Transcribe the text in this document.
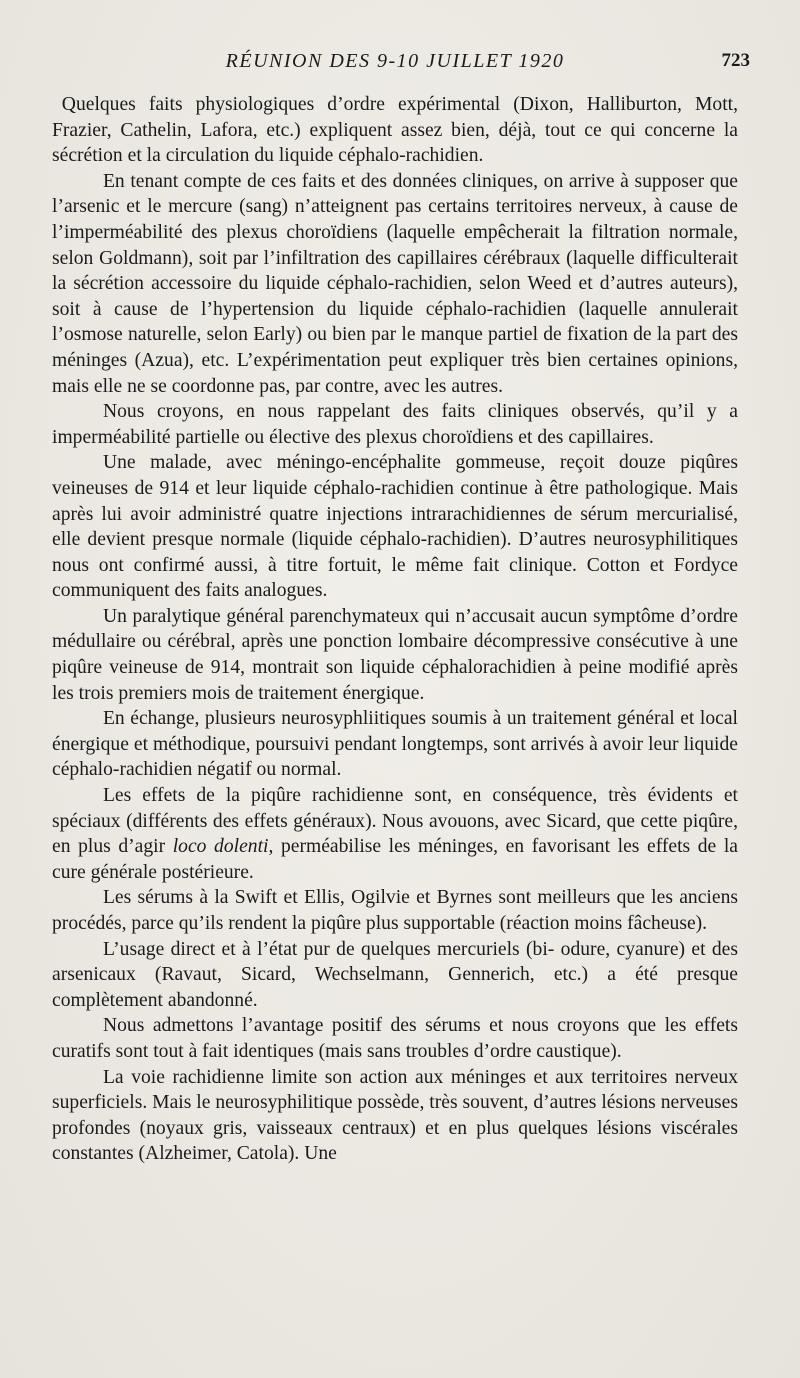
RÉUNION DES 9-10 JUILLET 1920	723

Quelques faits physiologiques d’ordre expérimental (Dixon, Halliburton, Mott, Frazier, Cathelin, Lafora, etc.) expliquent assez bien, déjà, tout ce qui concerne la sécrétion et la circulation du liquide céphalo-rachidien.

En tenant compte de ces faits et des données cliniques, on arrive à supposer que l’arsenic et le mercure (sang) n’atteignent pas certains territoires nerveux, à cause de l’imperméabilité des plexus choroïdiens (laquelle empêcherait la filtration normale, selon Goldmann), soit par l’infiltration des capillaires cérébraux (laquelle difficulterait la sécrétion accessoire du liquide céphalo-rachidien, selon Weed et d’autres auteurs), soit à cause de l’hypertension du liquide céphalo-rachidien (laquelle annulerait l’osmose naturelle, selon Early) ou bien par le manque partiel de fixation de la part des méninges (Azua), etc. L’expérimentation peut expliquer très bien certaines opinions, mais elle ne se coordonne pas, par contre, avec les autres.

Nous croyons, en nous rappelant des faits cliniques observés, qu’il y a imperméabilité partielle ou élective des plexus choroïdiens et des capillaires.

Une malade, avec méningo-encéphalite gommeuse, reçoit douze piqûres veineuses de 914 et leur liquide céphalo-rachidien continue à être pathologique. Mais après lui avoir administré quatre injections intrarachidiennes de sérum mercurialisé, elle devient presque normale (liquide céphalo-rachidien). D’autres neurosyphilitiques nous ont confirmé aussi, à titre fortuit, le même fait clinique. Cotton et Fordyce communiquent des faits analogues.

Un paralytique général parenchymateux qui n’accusait aucun symptôme d’ordre médullaire ou cérébral, après une ponction lombaire décompressive consécutive à une piqûre veineuse de 914, montrait son liquide céphalorachidien à peine modifié après les trois premiers mois de traitement énergique.

En échange, plusieurs neurosyphliitiques soumis à un traitement général et local énergique et méthodique, poursuivi pendant longtemps, sont arrivés à avoir leur liquide céphalo-rachidien négatif ou normal.

Les effets de la piqûre rachidienne sont, en conséquence, très évidents et spéciaux (différents des effets généraux). Nous avouons, avec Sicard, que cette piqûre, en plus d’agir loco dolenti, perméabilise les méninges, en favorisant les effets de la cure générale postérieure.

Les sérums à la Swift et Ellis, Ogilvie et Byrnes sont meilleurs que les anciens procédés, parce qu’ils rendent la piqûre plus supportable (réaction moins fâcheuse).

L’usage direct et à l’état pur de quelques mercuriels (bi- odure, cyanure) et des arsenicaux (Ravaut, Sicard, Wechselmann, Gennerich, etc.) a été presque complètement abandonné.

Nous admettons l’avantage positif des sérums et nous croyons que les effets curatifs sont tout à fait identiques (mais sans troubles d’ordre caustique).

La voie rachidienne limite son action aux méninges et aux territoires nerveux superficiels. Mais le neurosyphilitique possède, très souvent, d’autres lésions nerveuses profondes (noyaux gris, vaisseaux centraux) et en plus quelques lésions viscérales constantes (Alzheimer, Catola). Une
